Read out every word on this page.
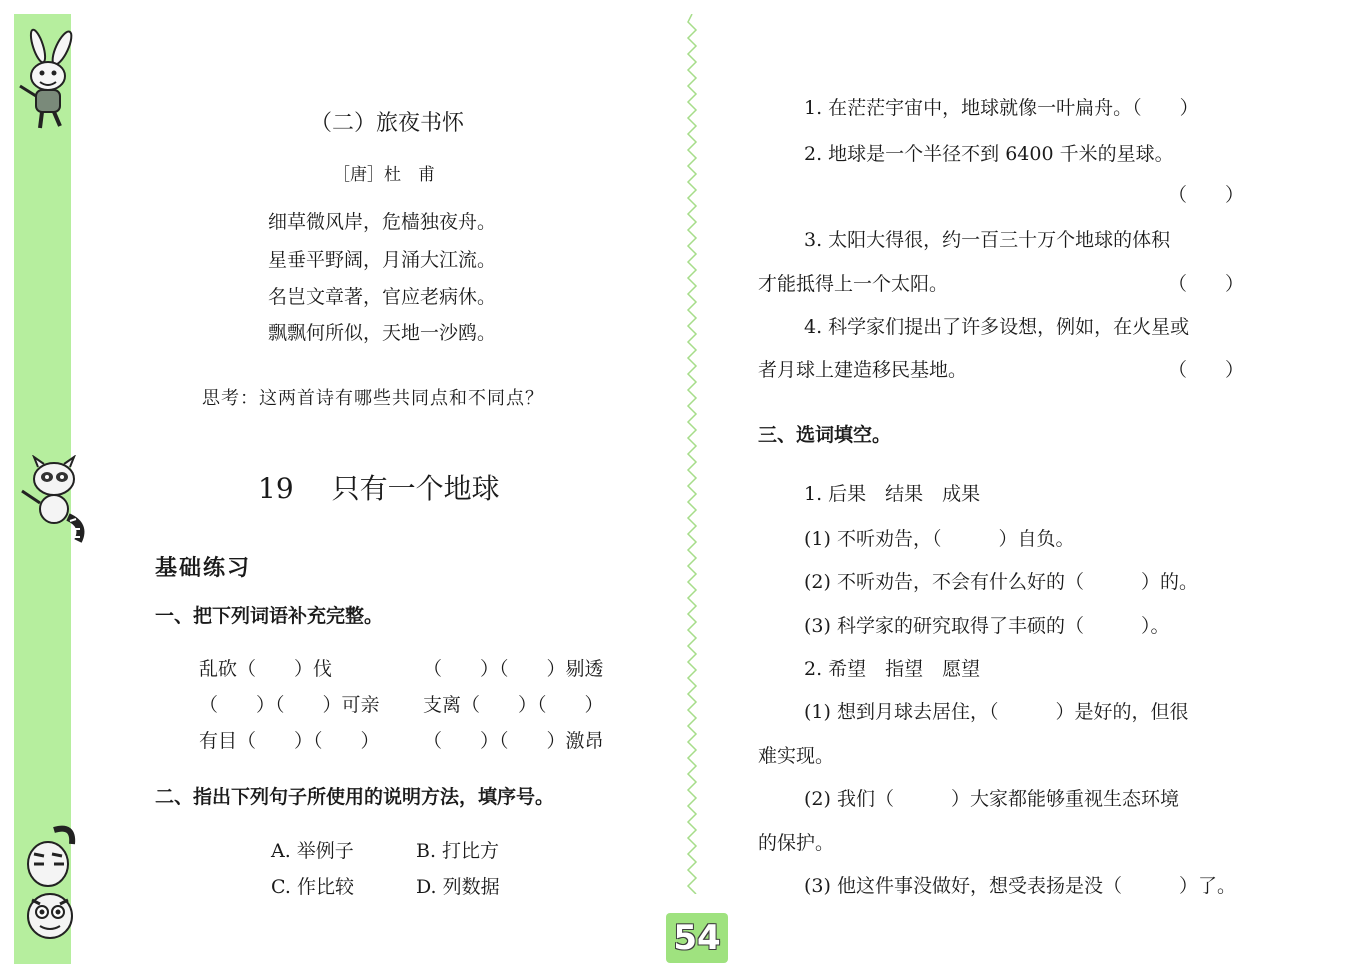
54
（二）旅夜书怀
［唐］杜　甫
细草微风岸，危樯独夜舟。
星垂平野阔，月涌大江流。
名岂文章著，官应老病休。
飘飘何所似，天地一沙鸥。
思考：这两首诗有哪些共同点和不同点？
19 只有一个地球
基础练习
一、把下列词语补充完整。
乱砍（　　）伐	（　　）（　　）剔透
（　　）（　　）可亲 支离（　　）（　　）
有目（　　）（　　） （　　）（　　）激昂
二、指出下列句子所使用的说明方法，填序号。
A. 举例子	B. 打比方
C. 作比较	D. 列数据
1. 在茫茫宇宙中，地球就像一叶扁舟。（　　）
2. 地球是一个半径不到 6400 千米的星球。
（　　）
3. 太阳大得很，约一百三十万个地球的体积
才能抵得上一个太阳。	（　　）
4. 科学家们提出了许多设想，例如，在火星或
者月球上建造移民基地。	（　　）
三、选词填空。
1. 后果　结果　成果
(1) 不听劝告，（　　　）自负。
(2) 不听劝告，不会有什么好的（　　　）的。
(3) 科学家的研究取得了丰硕的（　　　）。
2. 希望　指望　愿望
(1) 想到月球去居住，（　　　）是好的，但很
难实现。
(2) 我们（　　　）大家都能够重视生态环境
的保护。
(3) 他这件事没做好，想受表扬是没（　　　）了。
